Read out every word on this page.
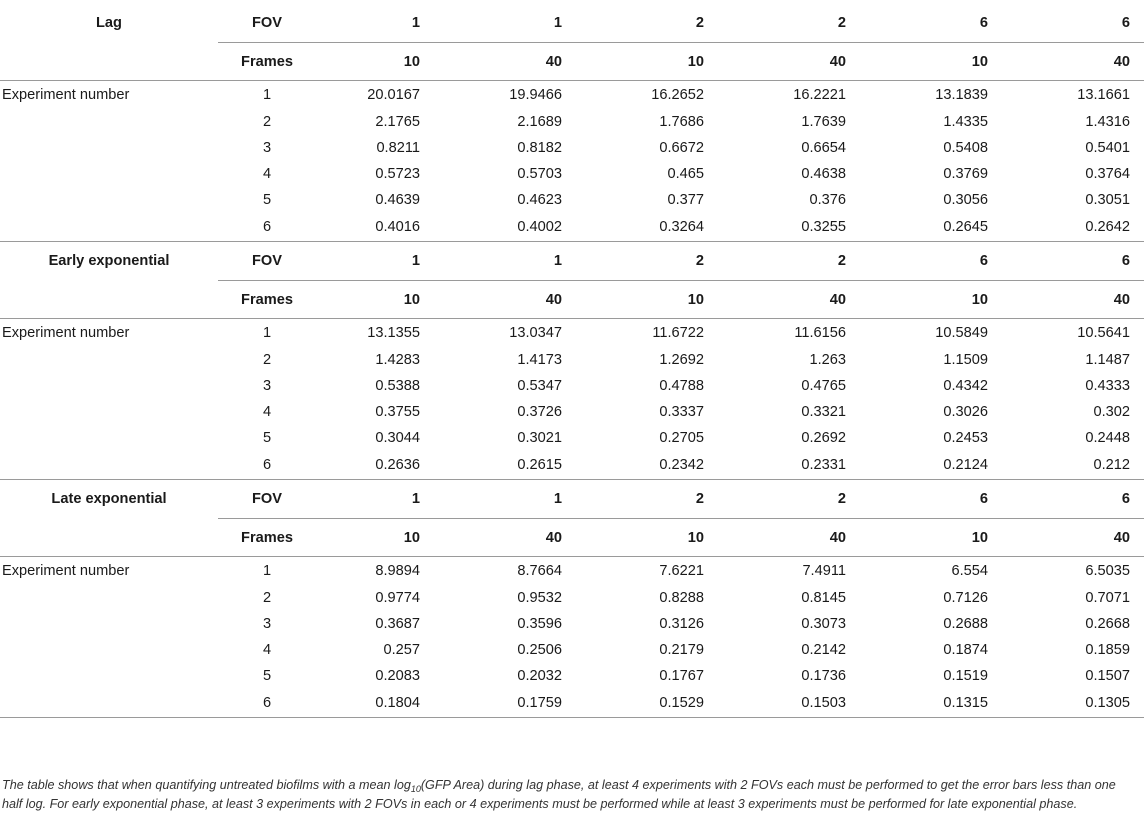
Lag	FOV	1	1	2	2	6	6
	Frames	10	40	10	40	10	40
Experiment number	1	20.0167	19.9466	16.2652	16.2221	13.1839	13.1661
	2	2.1765	2.1689	1.7686	1.7639	1.4335	1.4316
	3	0.8211	0.8182	0.6672	0.6654	0.5408	0.5401
	4	0.5723	0.5703	0.465	0.4638	0.3769	0.3764
	5	0.4639	0.4623	0.377	0.376	0.3056	0.3051
	6	0.4016	0.4002	0.3264	0.3255	0.2645	0.2642
Early exponential	FOV	1	1	2	2	6	6
	Frames	10	40	10	40	10	40
Experiment number	1	13.1355	13.0347	11.6722	11.6156	10.5849	10.5641
	2	1.4283	1.4173	1.2692	1.263	1.1509	1.1487
	3	0.5388	0.5347	0.4788	0.4765	0.4342	0.4333
	4	0.3755	0.3726	0.3337	0.3321	0.3026	0.302
	5	0.3044	0.3021	0.2705	0.2692	0.2453	0.2448
	6	0.2636	0.2615	0.2342	0.2331	0.2124	0.212
Late exponential	FOV	1	1	2	2	6	6
	Frames	10	40	10	40	10	40
Experiment number	1	8.9894	8.7664	7.6221	7.4911	6.554	6.5035
	2	0.9774	0.9532	0.8288	0.8145	0.7126	0.7071
	3	0.3687	0.3596	0.3126	0.3073	0.2688	0.2668
	4	0.257	0.2506	0.2179	0.2142	0.1874	0.1859
	5	0.2083	0.2032	0.1767	0.1736	0.1519	0.1507
	6	0.1804	0.1759	0.1529	0.1503	0.1315	0.1305

The table shows that when quantifying untreated biofilms with a mean $\log_{10}(GFP$ Area) during lag phase, at least 4 experiments with 2 FOVs each must be performed to get the error bars less than one half log. For early exponential phase, at least 3 experiments with 2 FOVs in each or 4 experiments must be performed while at least 3 experiments must be performed for late exponential phase.
